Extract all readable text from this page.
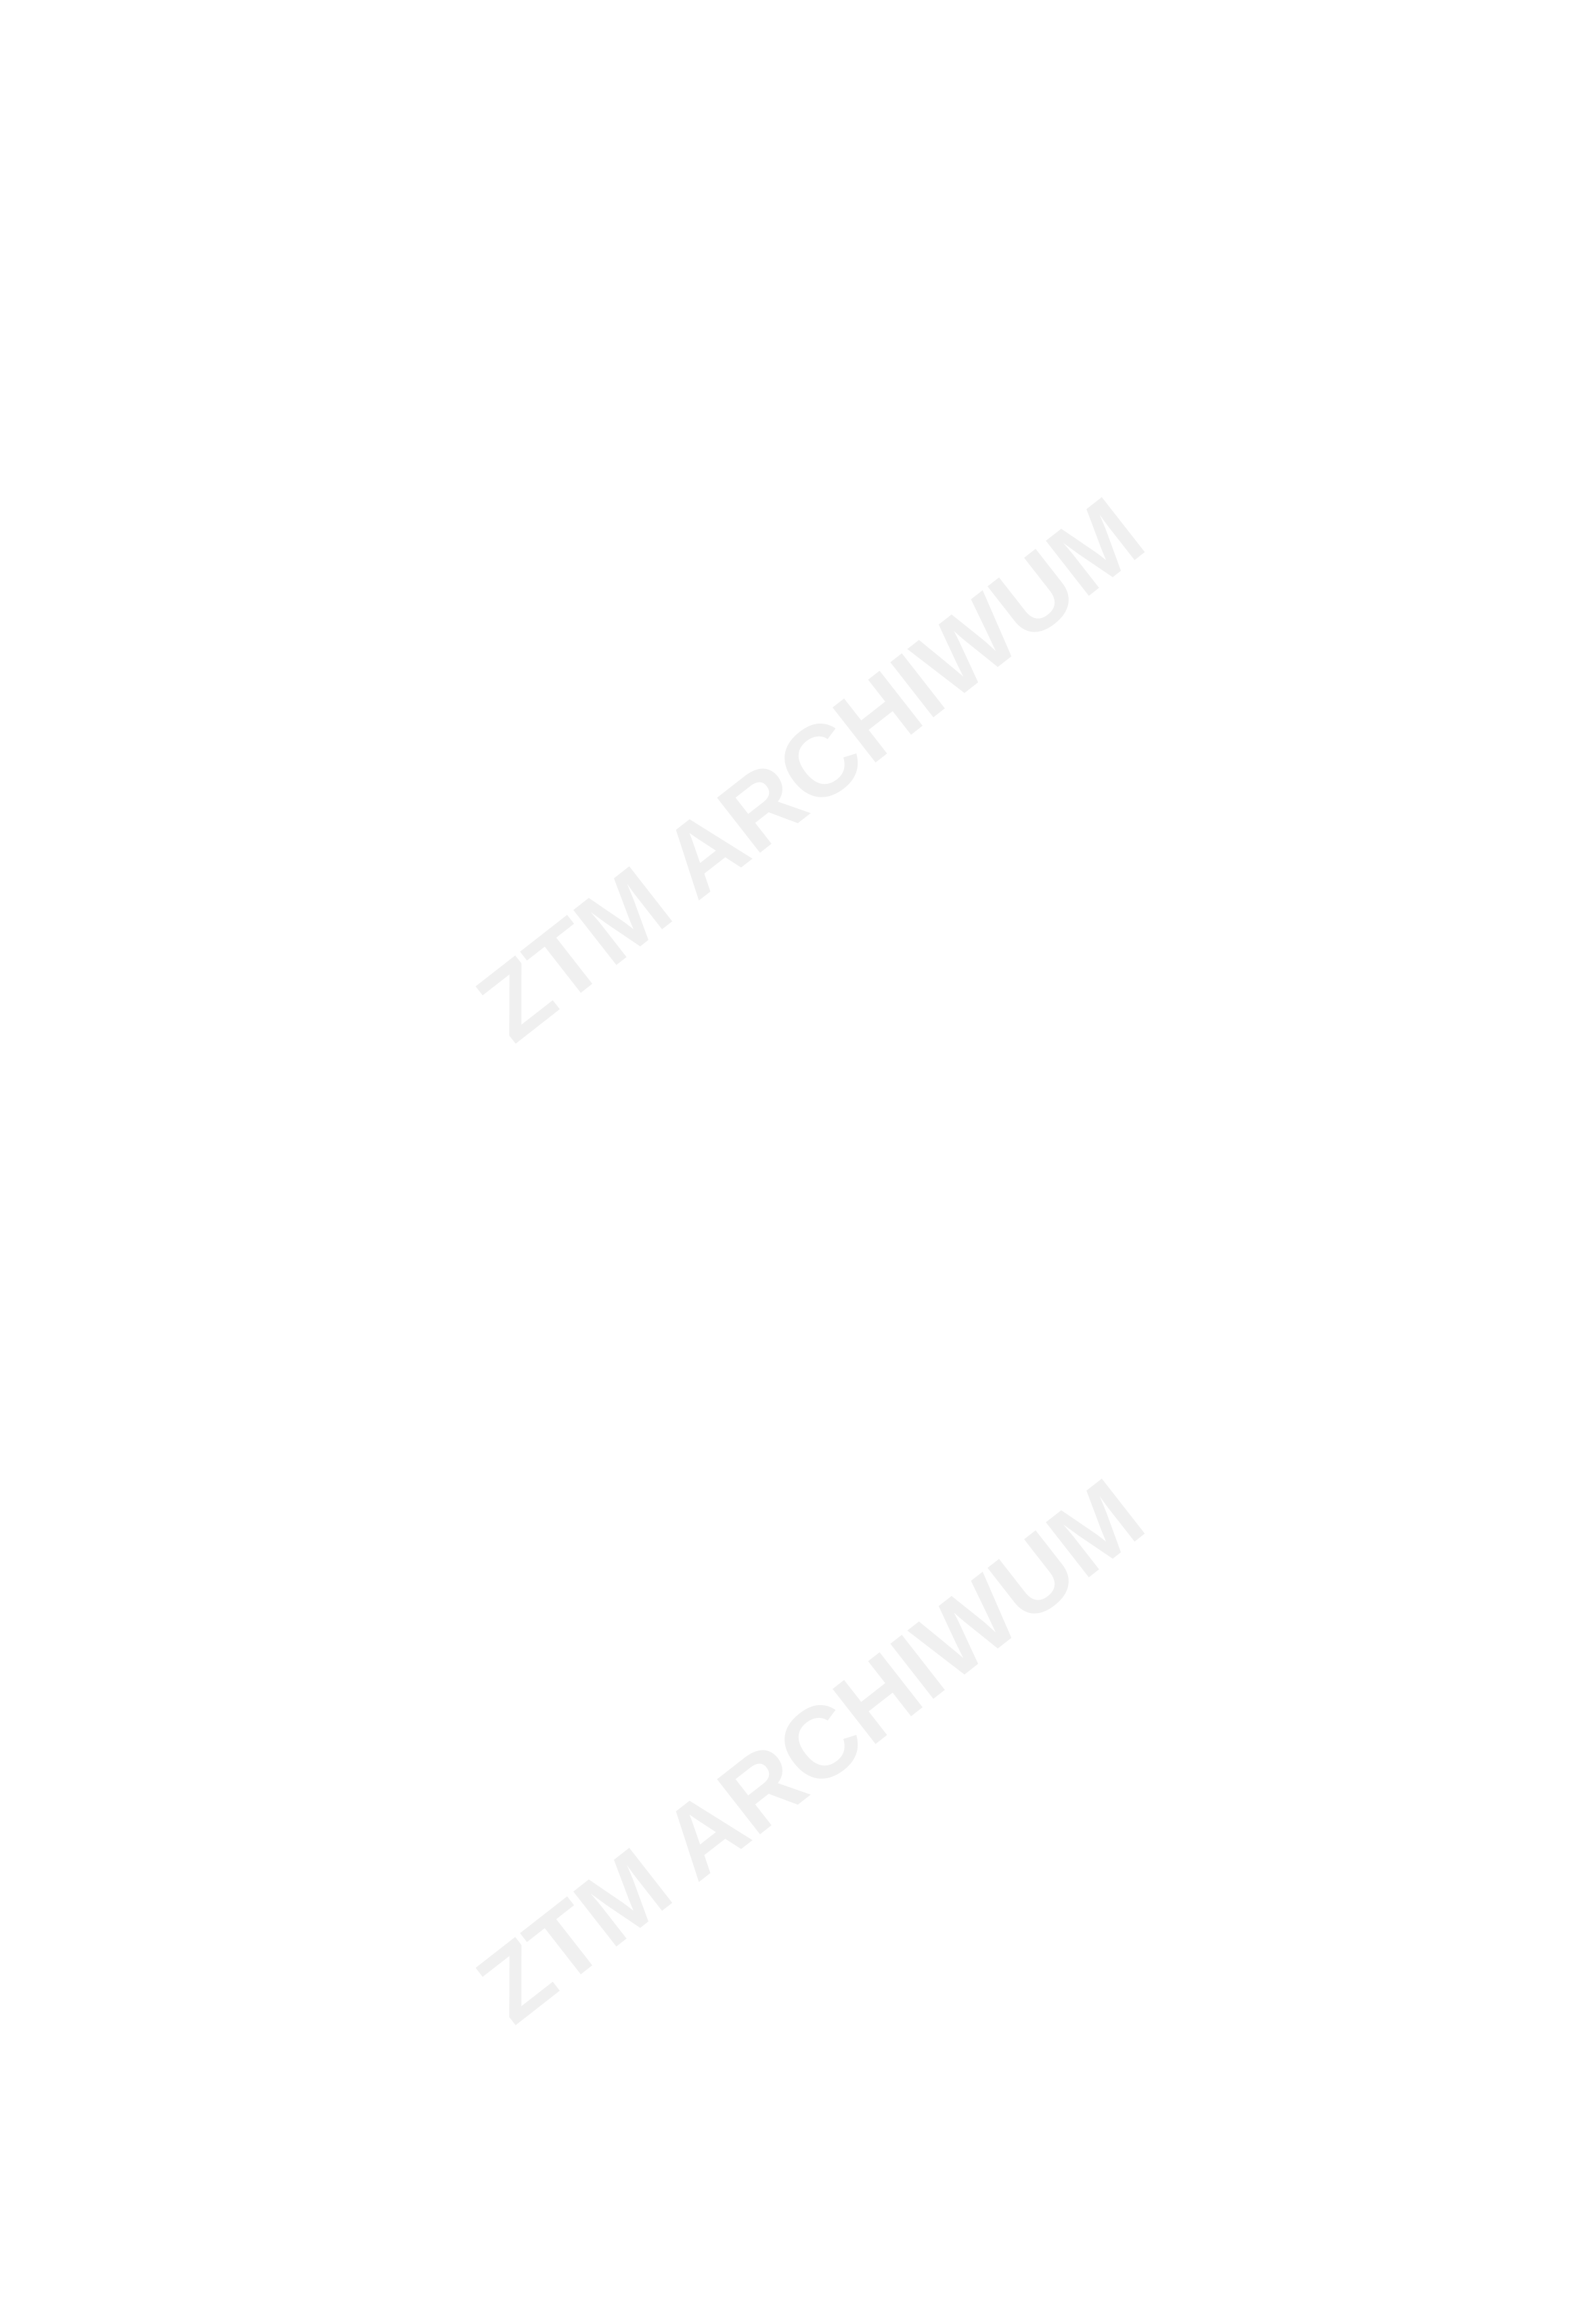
ZTM ARCHIWUM
ZTM ARCHIWUM
